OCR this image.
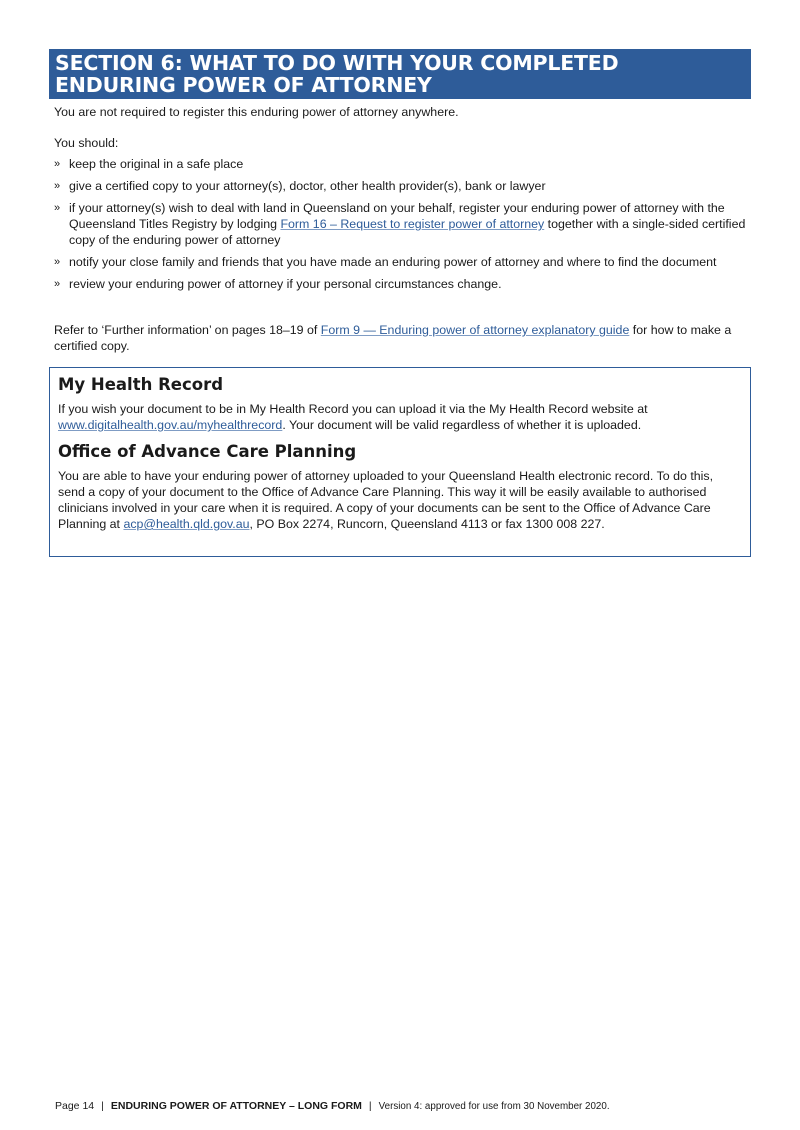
SECTION 6: WHAT TO DO WITH YOUR COMPLETED ENDURING POWER OF ATTORNEY
You are not required to register this enduring power of attorney anywhere.
You should:
» keep the original in a safe place
» give a certified copy to your attorney(s), doctor, other health provider(s), bank or lawyer
» if your attorney(s) wish to deal with land in Queensland on your behalf, register your enduring power of attorney with the Queensland Titles Registry by lodging Form 16 – Request to register power of attorney together with a single-sided certified copy of the enduring power of attorney
» notify your close family and friends that you have made an enduring power of attorney and where to find the document
» review your enduring power of attorney if your personal circumstances change.
Refer to ‘Further information’ on pages 18–19 of Form 9 — Enduring power of attorney explanatory guide for how to make a certified copy.
My Health Record

If you wish your document to be in My Health Record you can upload it via the My Health Record website at www.digitalhealth.gov.au/myhealthrecord. Your document will be valid regardless of whether it is uploaded.

Office of Advance Care Planning

You are able to have your enduring power of attorney uploaded to your Queensland Health electronic record. To do this, send a copy of your document to the Office of Advance Care Planning. This way it will be easily available to authorised clinicians involved in your care when it is required. A copy of your documents can be sent to the Office of Advance Care Planning at acp@health.qld.gov.au, PO Box 2274, Runcorn, Queensland 4113 or fax 1300 008 227.

Page 14 | ENDURING POWER OF ATTORNEY – LONG FORM | Version 4: approved for use from 30 November 2020.
